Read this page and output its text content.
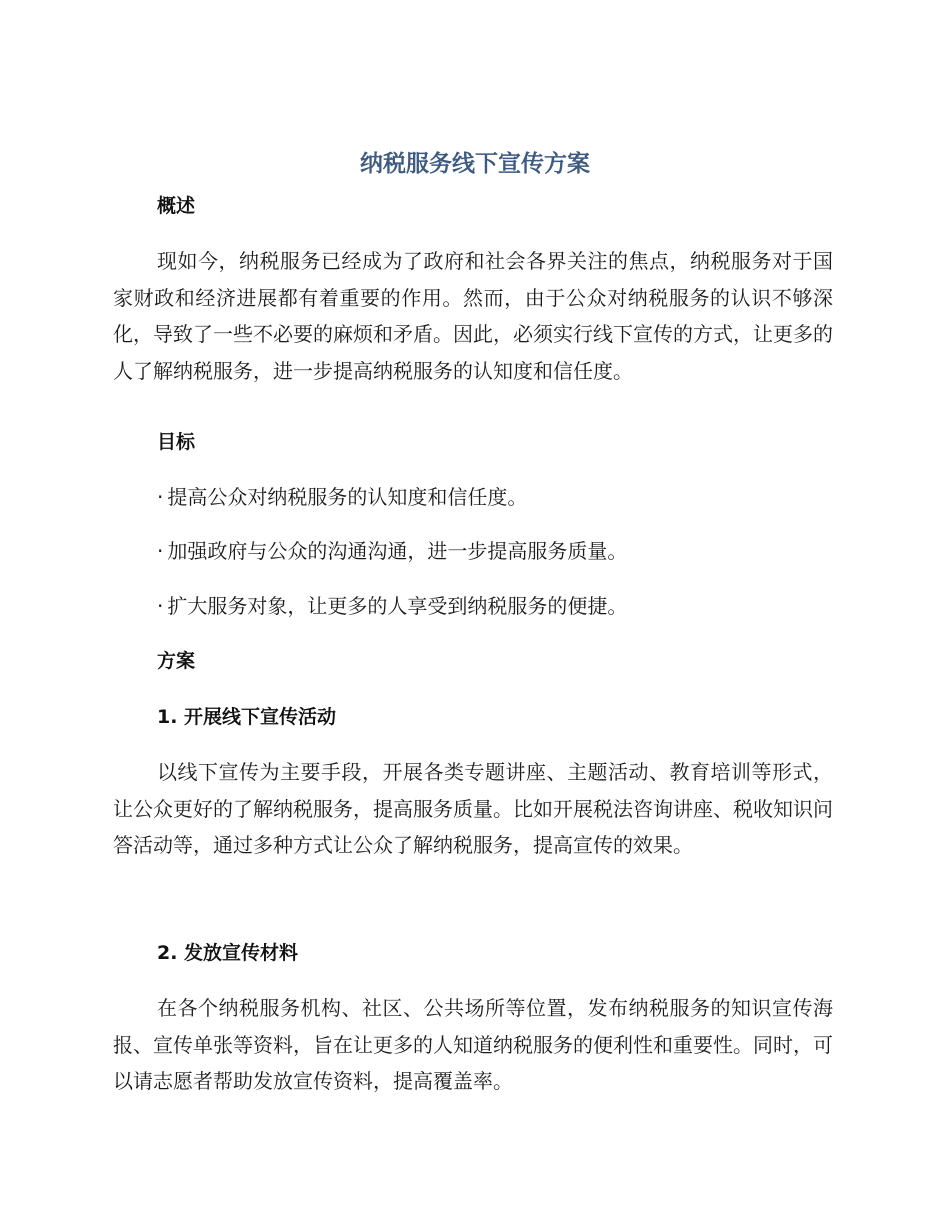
纳税服务线下宣传方案
概述

现如今，纳税服务已经成为了政府和社会各界关注的焦点，纳税服务对于国家财政和经济进展都有着重要的作用。然而，由于公众对纳税服务的认识不够深化，导致了一些不必要的麻烦和矛盾。因此，必须实行线下宣传的方式，让更多的人了解纳税服务，进一步提高纳税服务的认知度和信任度。

目标

· 提高公众对纳税服务的认知度和信任度。

· 加强政府与公众的沟通沟通，进一步提高服务质量。

· 扩大服务对象，让更多的人享受到纳税服务的便捷。

方案
1. 开展线下宣传活动

以线下宣传为主要手段，开展各类专题讲座、主题活动、教育培训等形式，让公众更好的了解纳税服务，提高服务质量。比如开展税法咨询讲座、税收知识问答活动等，通过多种方式让公众了解纳税服务，提高宣传的效果。

2. 发放宣传材料

在各个纳税服务机构、社区、公共场所等位置，发布纳税服务的知识宣传海报、宣传单张等资料，旨在让更多的人知道纳税服务的便利性和重要性。同时，可以请志愿者帮助发放宣传资料，提高覆盖率。
